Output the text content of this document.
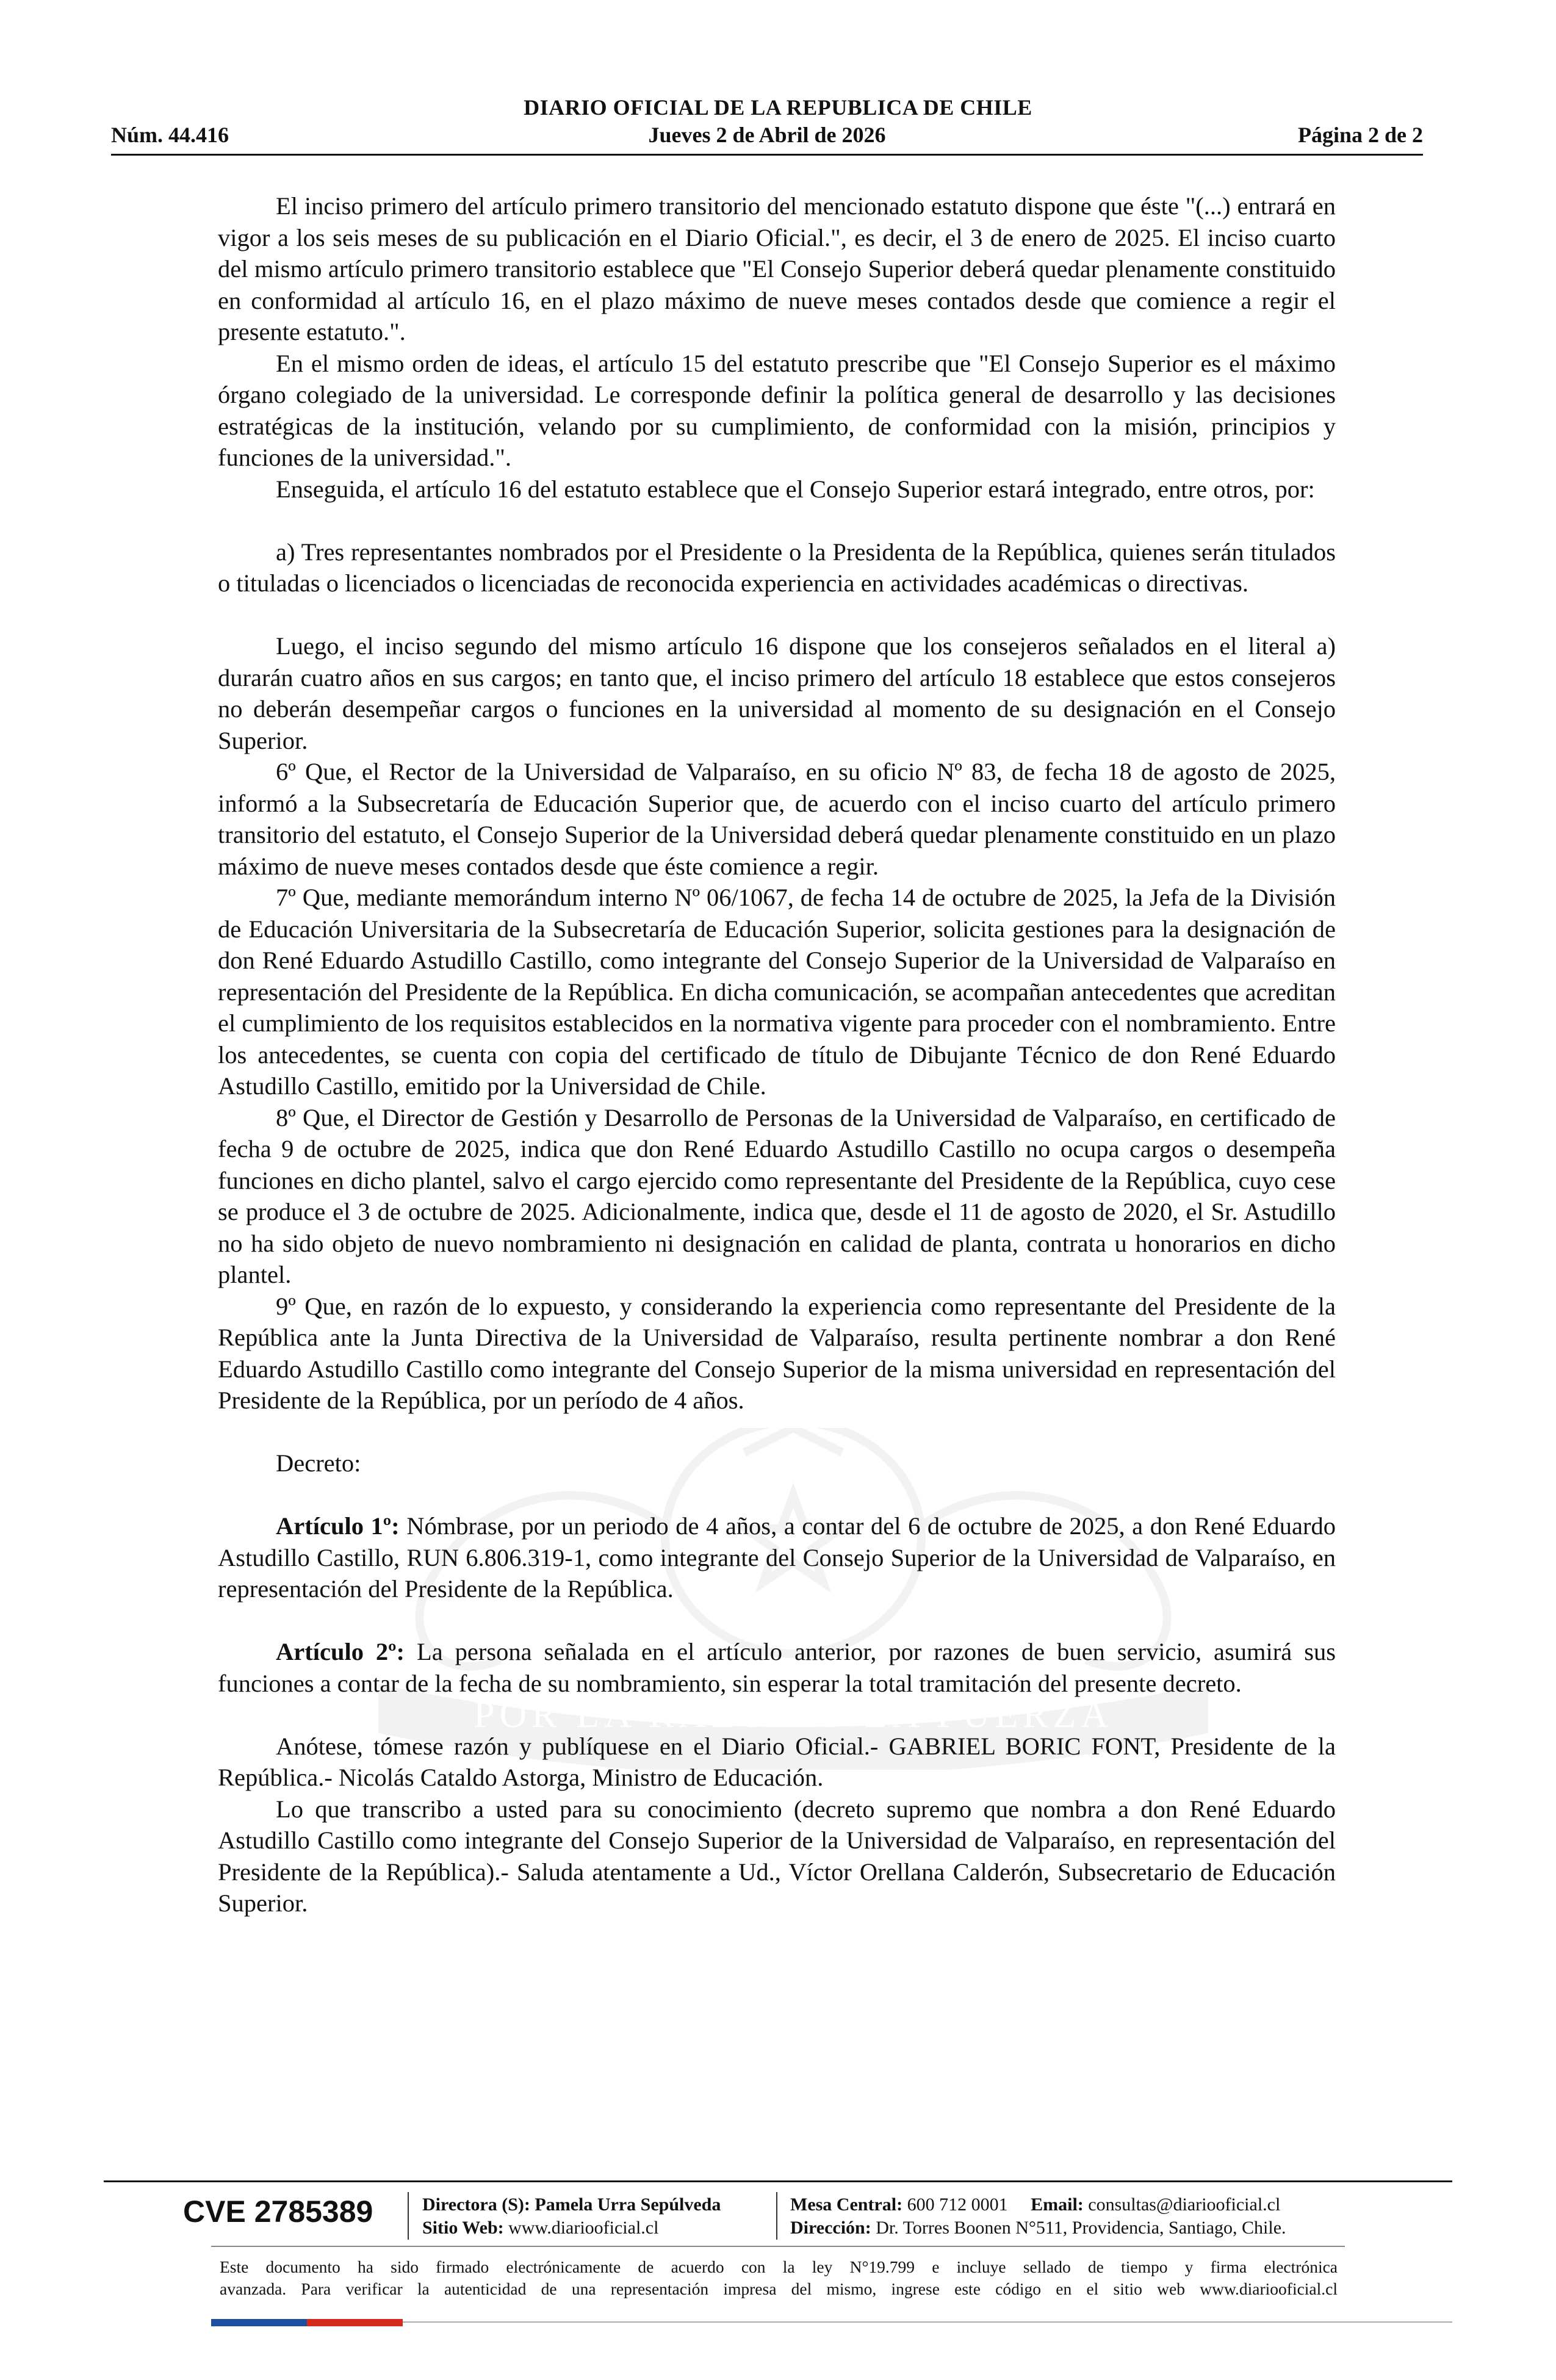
DIARIO OFICIAL DE LA REPUBLICA DE CHILE
Núm. 44.416	Jueves 2 de Abril de 2026	Página 2 de 2
POR LA RAZÓN O LA FUERZA

El inciso primero del artículo primero transitorio del mencionado estatuto dispone que éste "(...) entrará en vigor a los seis meses de su publicación en el Diario Oficial.", es decir, el 3 de enero de 2025. El inciso cuarto del mismo artículo primero transitorio establece que "El Consejo Superior deberá quedar plenamente constituido en conformidad al artículo 16, en el plazo máximo de nueve meses contados desde que comience a regir el presente estatuto.".

En el mismo orden de ideas, el artículo 15 del estatuto prescribe que "El Consejo Superior es el máximo órgano colegiado de la universidad. Le corresponde definir la política general de desarrollo y las decisiones estratégicas de la institución, velando por su cumplimiento, de conformidad con la misión, principios y funciones de la universidad.".

Enseguida, el artículo 16 del estatuto establece que el Consejo Superior estará integrado, entre otros, por:

a) Tres representantes nombrados por el Presidente o la Presidenta de la República, quienes serán titulados o tituladas o licenciados o licenciadas de reconocida experiencia en actividades académicas o directivas.

Luego, el inciso segundo del mismo artículo 16 dispone que los consejeros señalados en el literal a) durarán cuatro años en sus cargos; en tanto que, el inciso primero del artículo 18 establece que estos consejeros no deberán desempeñar cargos o funciones en la universidad al momento de su designación en el Consejo Superior.

6º Que, el Rector de la Universidad de Valparaíso, en su oficio Nº 83, de fecha 18 de agosto de 2025, informó a la Subsecretaría de Educación Superior que, de acuerdo con el inciso cuarto del artículo primero transitorio del estatuto, el Consejo Superior de la Universidad deberá quedar plenamente constituido en un plazo máximo de nueve meses contados desde que éste comience a regir.

7º Que, mediante memorándum interno Nº 06/1067, de fecha 14 de octubre de 2025, la Jefa de la División de Educación Universitaria de la Subsecretaría de Educación Superior, solicita gestiones para la designación de don René Eduardo Astudillo Castillo, como integrante del Consejo Superior de la Universidad de Valparaíso en representación del Presidente de la República. En dicha comunicación, se acompañan antecedentes que acreditan el cumplimiento de los requisitos establecidos en la normativa vigente para proceder con el nombramiento. Entre los antecedentes, se cuenta con copia del certificado de título de Dibujante Técnico de don René Eduardo Astudillo Castillo, emitido por la Universidad de Chile.

8º Que, el Director de Gestión y Desarrollo de Personas de la Universidad de Valparaíso, en certificado de fecha 9 de octubre de 2025, indica que don René Eduardo Astudillo Castillo no ocupa cargos o desempeña funciones en dicho plantel, salvo el cargo ejercido como representante del Presidente de la República, cuyo cese se produce el 3 de octubre de 2025. Adicionalmente, indica que, desde el 11 de agosto de 2020, el Sr. Astudillo no ha sido objeto de nuevo nombramiento ni designación en calidad de planta, contrata u honorarios en dicho plantel.

9º Que, en razón de lo expuesto, y considerando la experiencia como representante del Presidente de la República ante la Junta Directiva de la Universidad de Valparaíso, resulta pertinente nombrar a don René Eduardo Astudillo Castillo como integrante del Consejo Superior de la misma universidad en representación del Presidente de la República, por un período de 4 años.

Decreto:

Artículo 1º: Nómbrase, por un periodo de 4 años, a contar del 6 de octubre de 2025, a don René Eduardo Astudillo Castillo, RUN 6.806.319-1, como integrante del Consejo Superior de la Universidad de Valparaíso, en representación del Presidente de la República.

Artículo 2º: La persona señalada en el artículo anterior, por razones de buen servicio, asumirá sus funciones a contar de la fecha de su nombramiento, sin esperar la total tramitación del presente decreto.

Anótese, tómese razón y publíquese en el Diario Oficial.- GABRIEL BORIC FONT, Presidente de la República.- Nicolás Cataldo Astorga, Ministro de Educación.

Lo que transcribo a usted para su conocimiento (decreto supremo que nombra a don René Eduardo Astudillo Castillo como integrante del Consejo Superior de la Universidad de Valparaíso, en representación del Presidente de la República).- Saluda atentamente a Ud., Víctor Orellana Calderón, Subsecretario de Educación Superior.

CVE 2785389	Directora (S): Pamela Urra Sepúlveda
Sitio Web: www.diariooficial.cl
Mesa Central: 600 712 0001 Email: consultas@diariooficial.cl
Dirección: Dr. Torres Boonen N°511, Providencia, Santiago, Chile.
Este documento ha sido firmado electrónicamente de acuerdo con la ley N°19.799 e incluye sellado de tiempo y firma electrónica
avanzada. Para verificar la autenticidad de una representación impresa del mismo, ingrese este código en el sitio web www.diariooficial.cl
